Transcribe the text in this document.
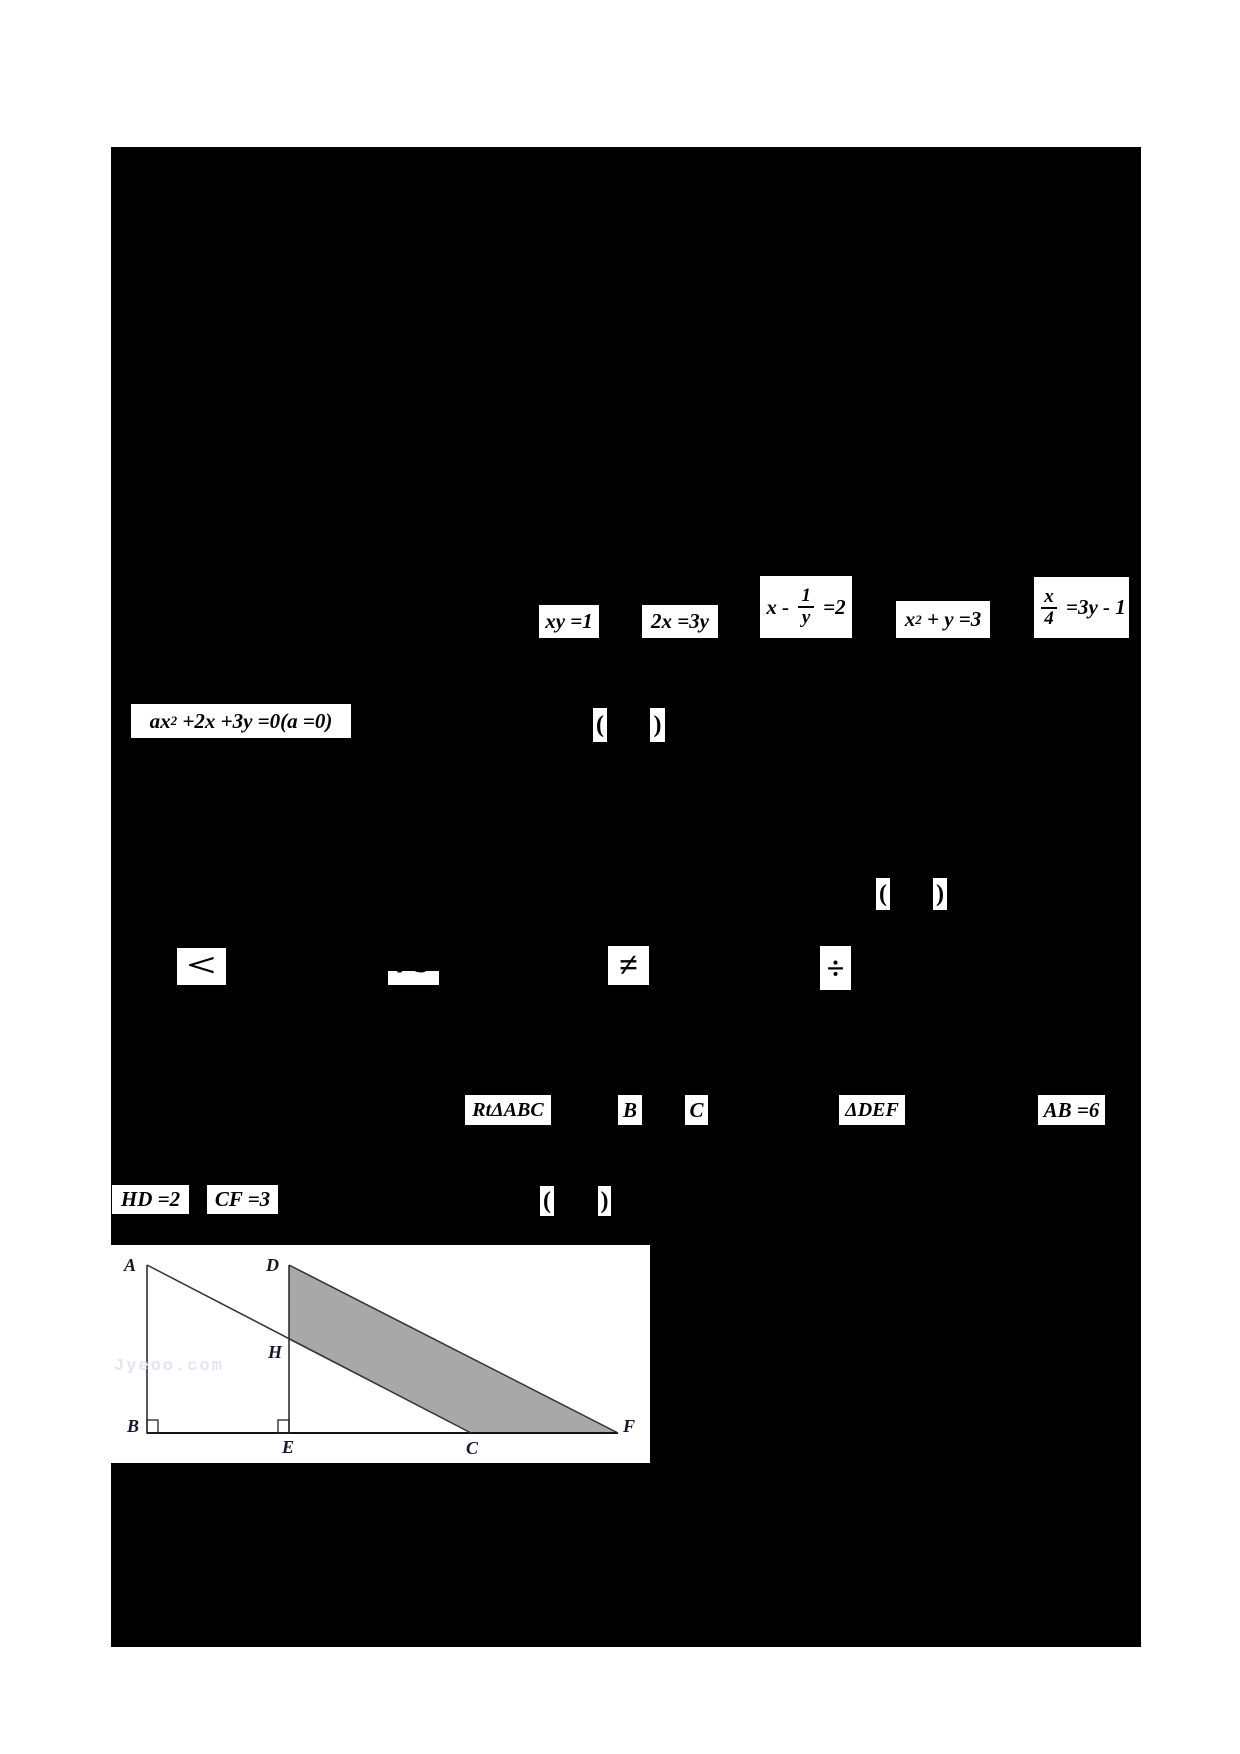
xy =1	2x =3y
$x - \frac{1}{y} =2$
x 2 + y =3	$\frac{x}{4} =3y - 1$
ax 2 +2x +3y =0( a =0)	( )
( )
<	~	≠	÷
RtΔABC	B C	ΔDEF	AB =6
HD =2	CF =3	( )
A	D
H
B
E	C
F
Jyeoo.com
